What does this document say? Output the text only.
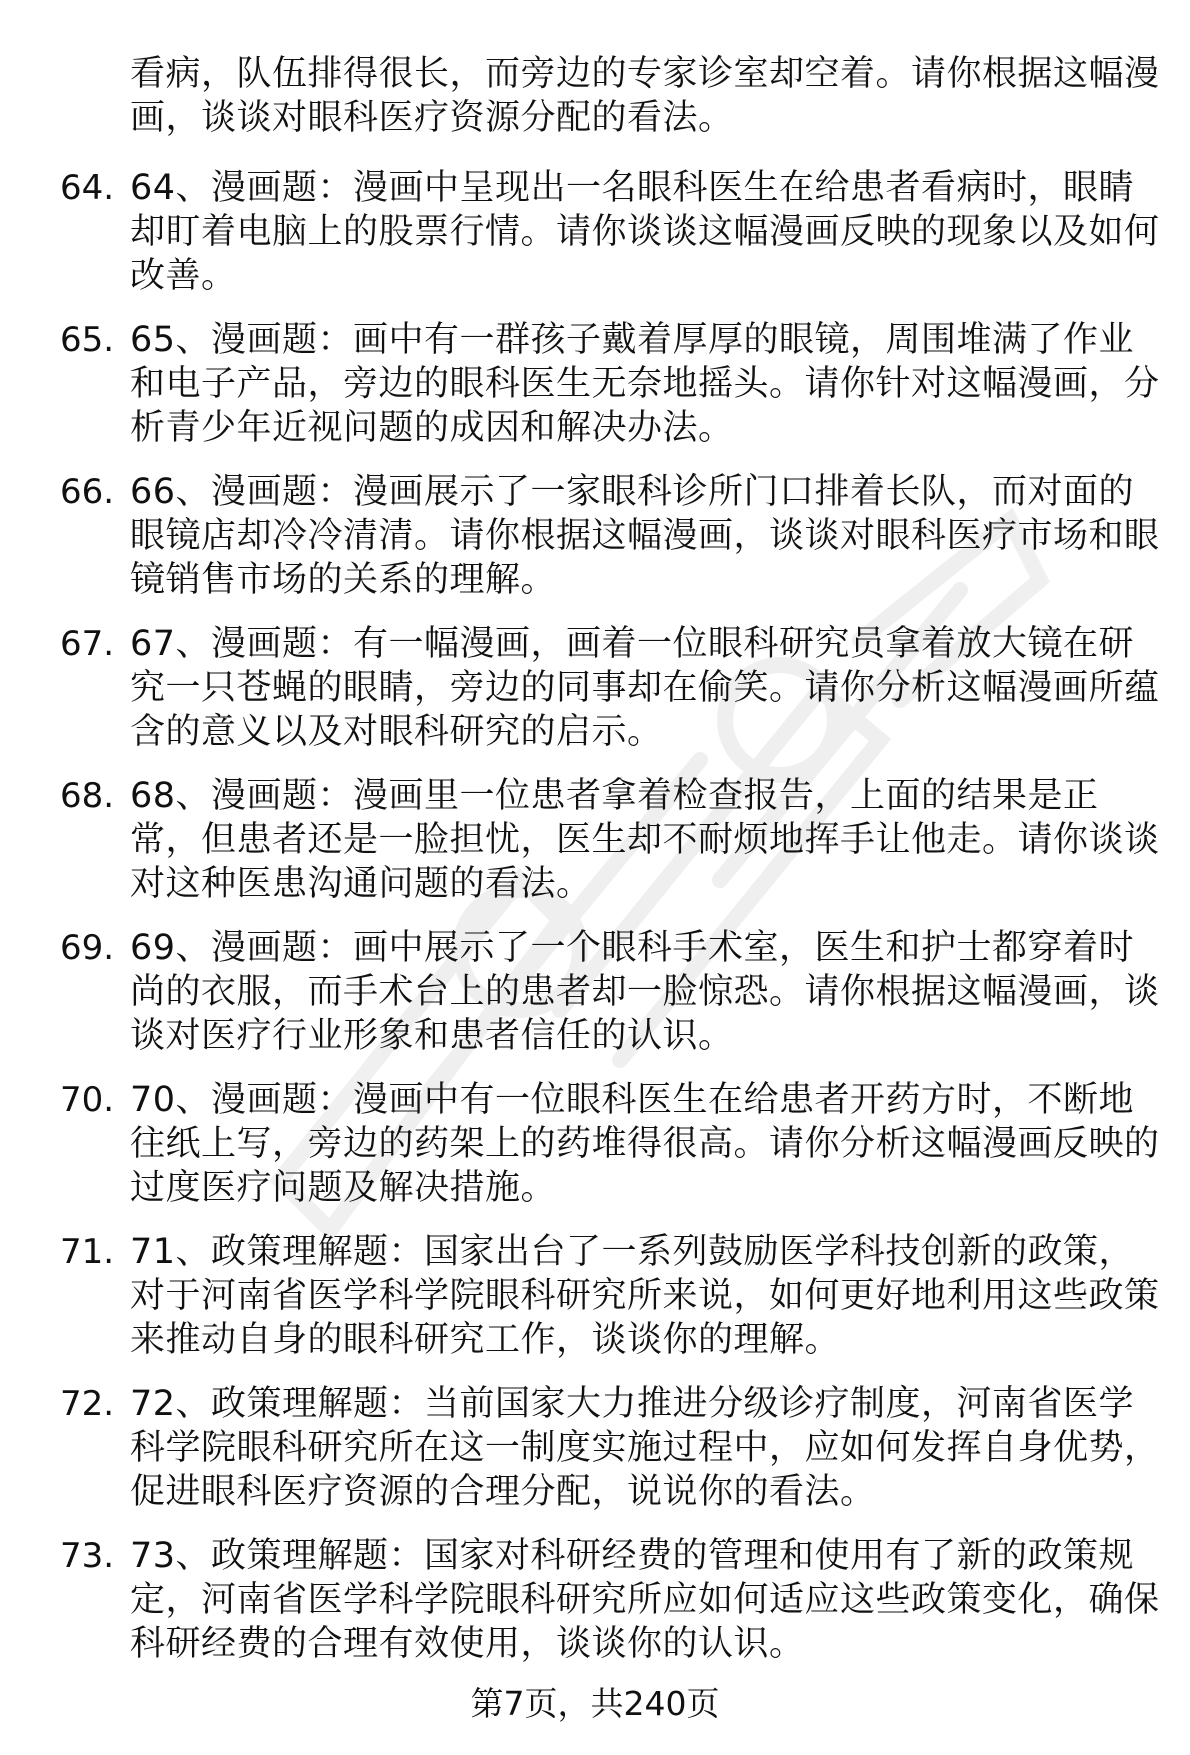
看病，队伍排得很长，而旁边的专家诊室却空着。请你根据这幅漫画，谈谈对眼科医疗资源分配的看法。
64. 64、漫画题：漫画中呈现出一名眼科医生在给患者看病时，眼睛却盯着电脑上的股票行情。请你谈谈这幅漫画反映的现象以及如何改善。
65. 65、漫画题：画中有一群孩子戴着厚厚的眼镜，周围堆满了作业和电子产品，旁边的眼科医生无奈地摇头。请你针对这幅漫画，分析青少年近视问题的成因和解决办法。
66. 66、漫画题：漫画展示了一家眼科诊所门口排着长队，而对面的眼镜店却冷冷清清。请你根据这幅漫画，谈谈对眼科医疗市场和眼镜销售市场的关系的理解。
67. 67、漫画题：有一幅漫画，画着一位眼科研究员拿着放大镜在研究一只苍蝇的眼睛，旁边的同事却在偷笑。请你分析这幅漫画所蕴含的意义以及对眼科研究的启示。
68. 68、漫画题：漫画里一位患者拿着检查报告，上面的结果是正常，但患者还是一脸担忧，医生却不耐烦地挥手让他走。请你谈谈对这种医患沟通问题的看法。
69. 69、漫画题：画中展示了一个眼科手术室，医生和护士都穿着时尚的衣服，而手术台上的患者却一脸惊恐。请你根据这幅漫画，谈谈对医疗行业形象和患者信任的认识。
70. 70、漫画题：漫画中有一位眼科医生在给患者开药方时，不断地往纸上写，旁边的药架上的药堆得很高。请你分析这幅漫画反映的过度医疗问题及解决措施。
71. 71、政策理解题：国家出台了一系列鼓励医学科技创新的政策，对于河南省医学科学院眼科研究所来说，如何更好地利用这些政策来推动自身的眼科研究工作，谈谈你的理解。
72. 72、政策理解题：当前国家大力推进分级诊疗制度，河南省医学科学院眼科研究所在这一制度实施过程中，应如何发挥自身优势，促进眼科医疗资源的合理分配，说说你的看法。
73. 73、政策理解题：国家对科研经费的管理和使用有了新的政策规定，河南省医学科学院眼科研究所应如何适应这些政策变化，确保科研经费的合理有效使用，谈谈你的认识。
第7页，共240页
